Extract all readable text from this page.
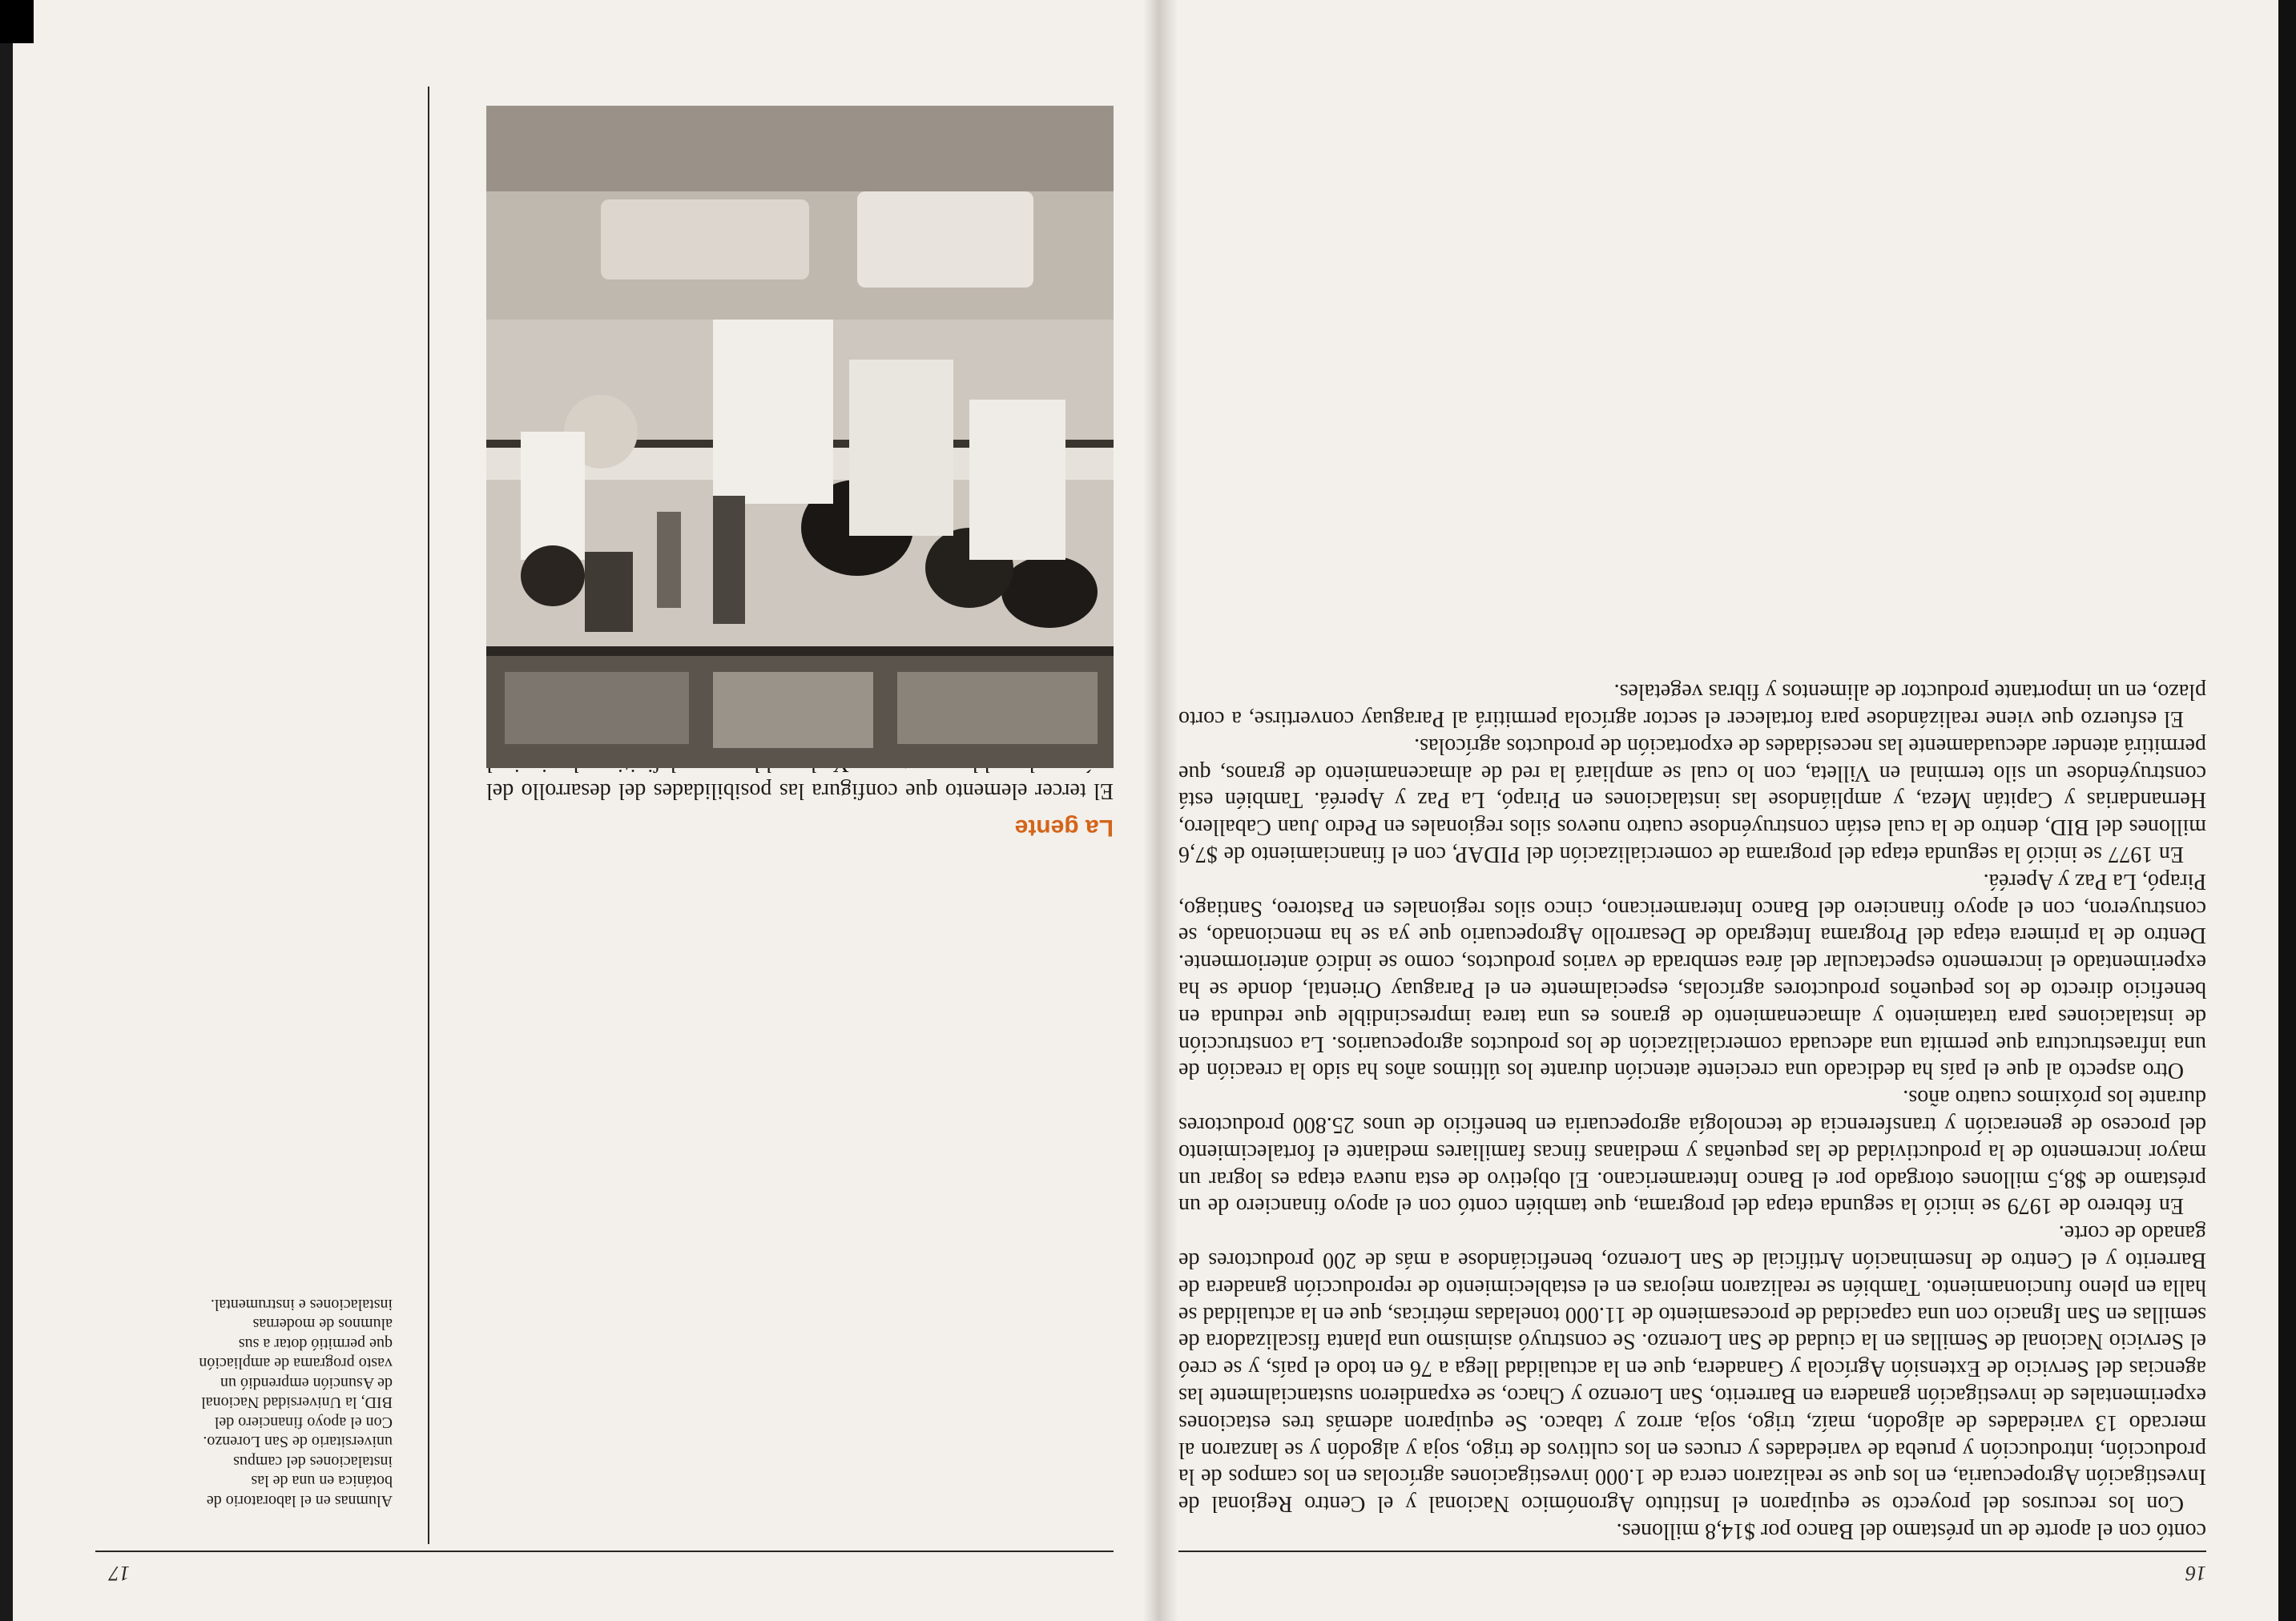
16

contó con el aporte de un préstamo del Banco por $14,8 millones.

Con los recursos del proyecto se equiparon el Instituto Agronómico Nacional y el Centro Regional de Investigación Agropecuaria, en los que se realizaron cerca de 1.000 investigaciones agrícolas en los campos de la producción, introducción y prueba de variedades y cruces en los cultivos de trigo, soja y algodón y se lanzaron al mercado 13 variedades de algodón, maíz, trigo, soja, arroz y tabaco. Se equiparon además tres estaciones experimentales de investigación ganadera en Barrerito, San Lorenzo y Chaco, se expandieron sustancialmente las agencias del Servicio de Extensión Agrícola y Ganadera, que en la actualidad llega a 76 en todo el país, y se creó el Servicio Nacional de Semillas en la ciudad de San Lorenzo. Se construyó asimismo una planta fiscalizadora de semillas en San Ignacio con una capacidad de procesamiento de 11.000 toneladas métricas, que en la actualidad se halla en pleno funcionamiento. También se realizaron mejoras en el establecimiento de reproducción ganadera de Barrerito y el Centro de Inseminación Artificial de San Lorenzo, beneficiándose a más de 200 productores de ganado de corte.

En febrero de 1979 se inició la segunda etapa del programa, que también contó con el apoyo financiero de un préstamo de $8,5 millones otorgado por el Banco Interamericano. El objetivo de esta nueva etapa es lograr un mayor incremento de la productividad de las pequeñas y medianas fincas familiares mediante el fortalecimiento del proceso de generación y transferencia de tecnología agropecuaria en beneficio de unos 25.800 productores durante los próximos cuatro años.

Otro aspecto al que el país ha dedicado una creciente atención durante los últimos años ha sido la creación de una infraestructura que permita una adecuada comercialización de los productos agropecuarios. La construcción de instalaciones para tratamiento y almacenamiento de granos es una tarea imprescindible que redunda en beneficio directo de los pequeños productores agrícolas, especialmente en el Paraguay Oriental, donde se ha experimentado el incremento espectacular del área sembrada de varios productos, como se indicó anteriormente. Dentro de la primera etapa del Programa Integrado de Desarrollo Agropecuario que ya se ha mencionado, se construyeron, con el apoyo financiero del Banco Interamericano, cinco silos regionales en Pastoreo, Santiago, Pirapó, La Paz y Aperéá.

En 1977 se inició la segunda etapa del programa de comercialización del PIDAP, con el financiamiento de $7,6 millones del BID, dentro de la cual están construyéndose cuatro nuevos silos regionales en Pedro Juan Caballero, Hernandarias y Capitán Meza, y ampliándose las instalaciones en Pirapó, La Paz y Aperéá. También está construyéndose un silo terminal en Villeta, con lo cual se ampliará la red de almacenamiento de granos, que permitirá atender adecuadamente las necesidades de exportación de productos agrícolas.

El esfuerzo que viene realizándose para fortalecer el sector agrícola permitirá al Paraguay convertirse, a corto plazo, en un importante productor de alimentos y fibras vegetales.

17
La gente

El tercer elemento que configura las posibilidades del desarrollo del

Alumnas en el laboratorio de botánica en una de las instalaciones del campus universitario de San Lorenzo. Con el apoyo financiero del BID, la Universidad Nacional de Asunción emprendió un vasto programa de ampliación que permitió dotar a sus alumnos de modernas instalaciones e instrumental.
